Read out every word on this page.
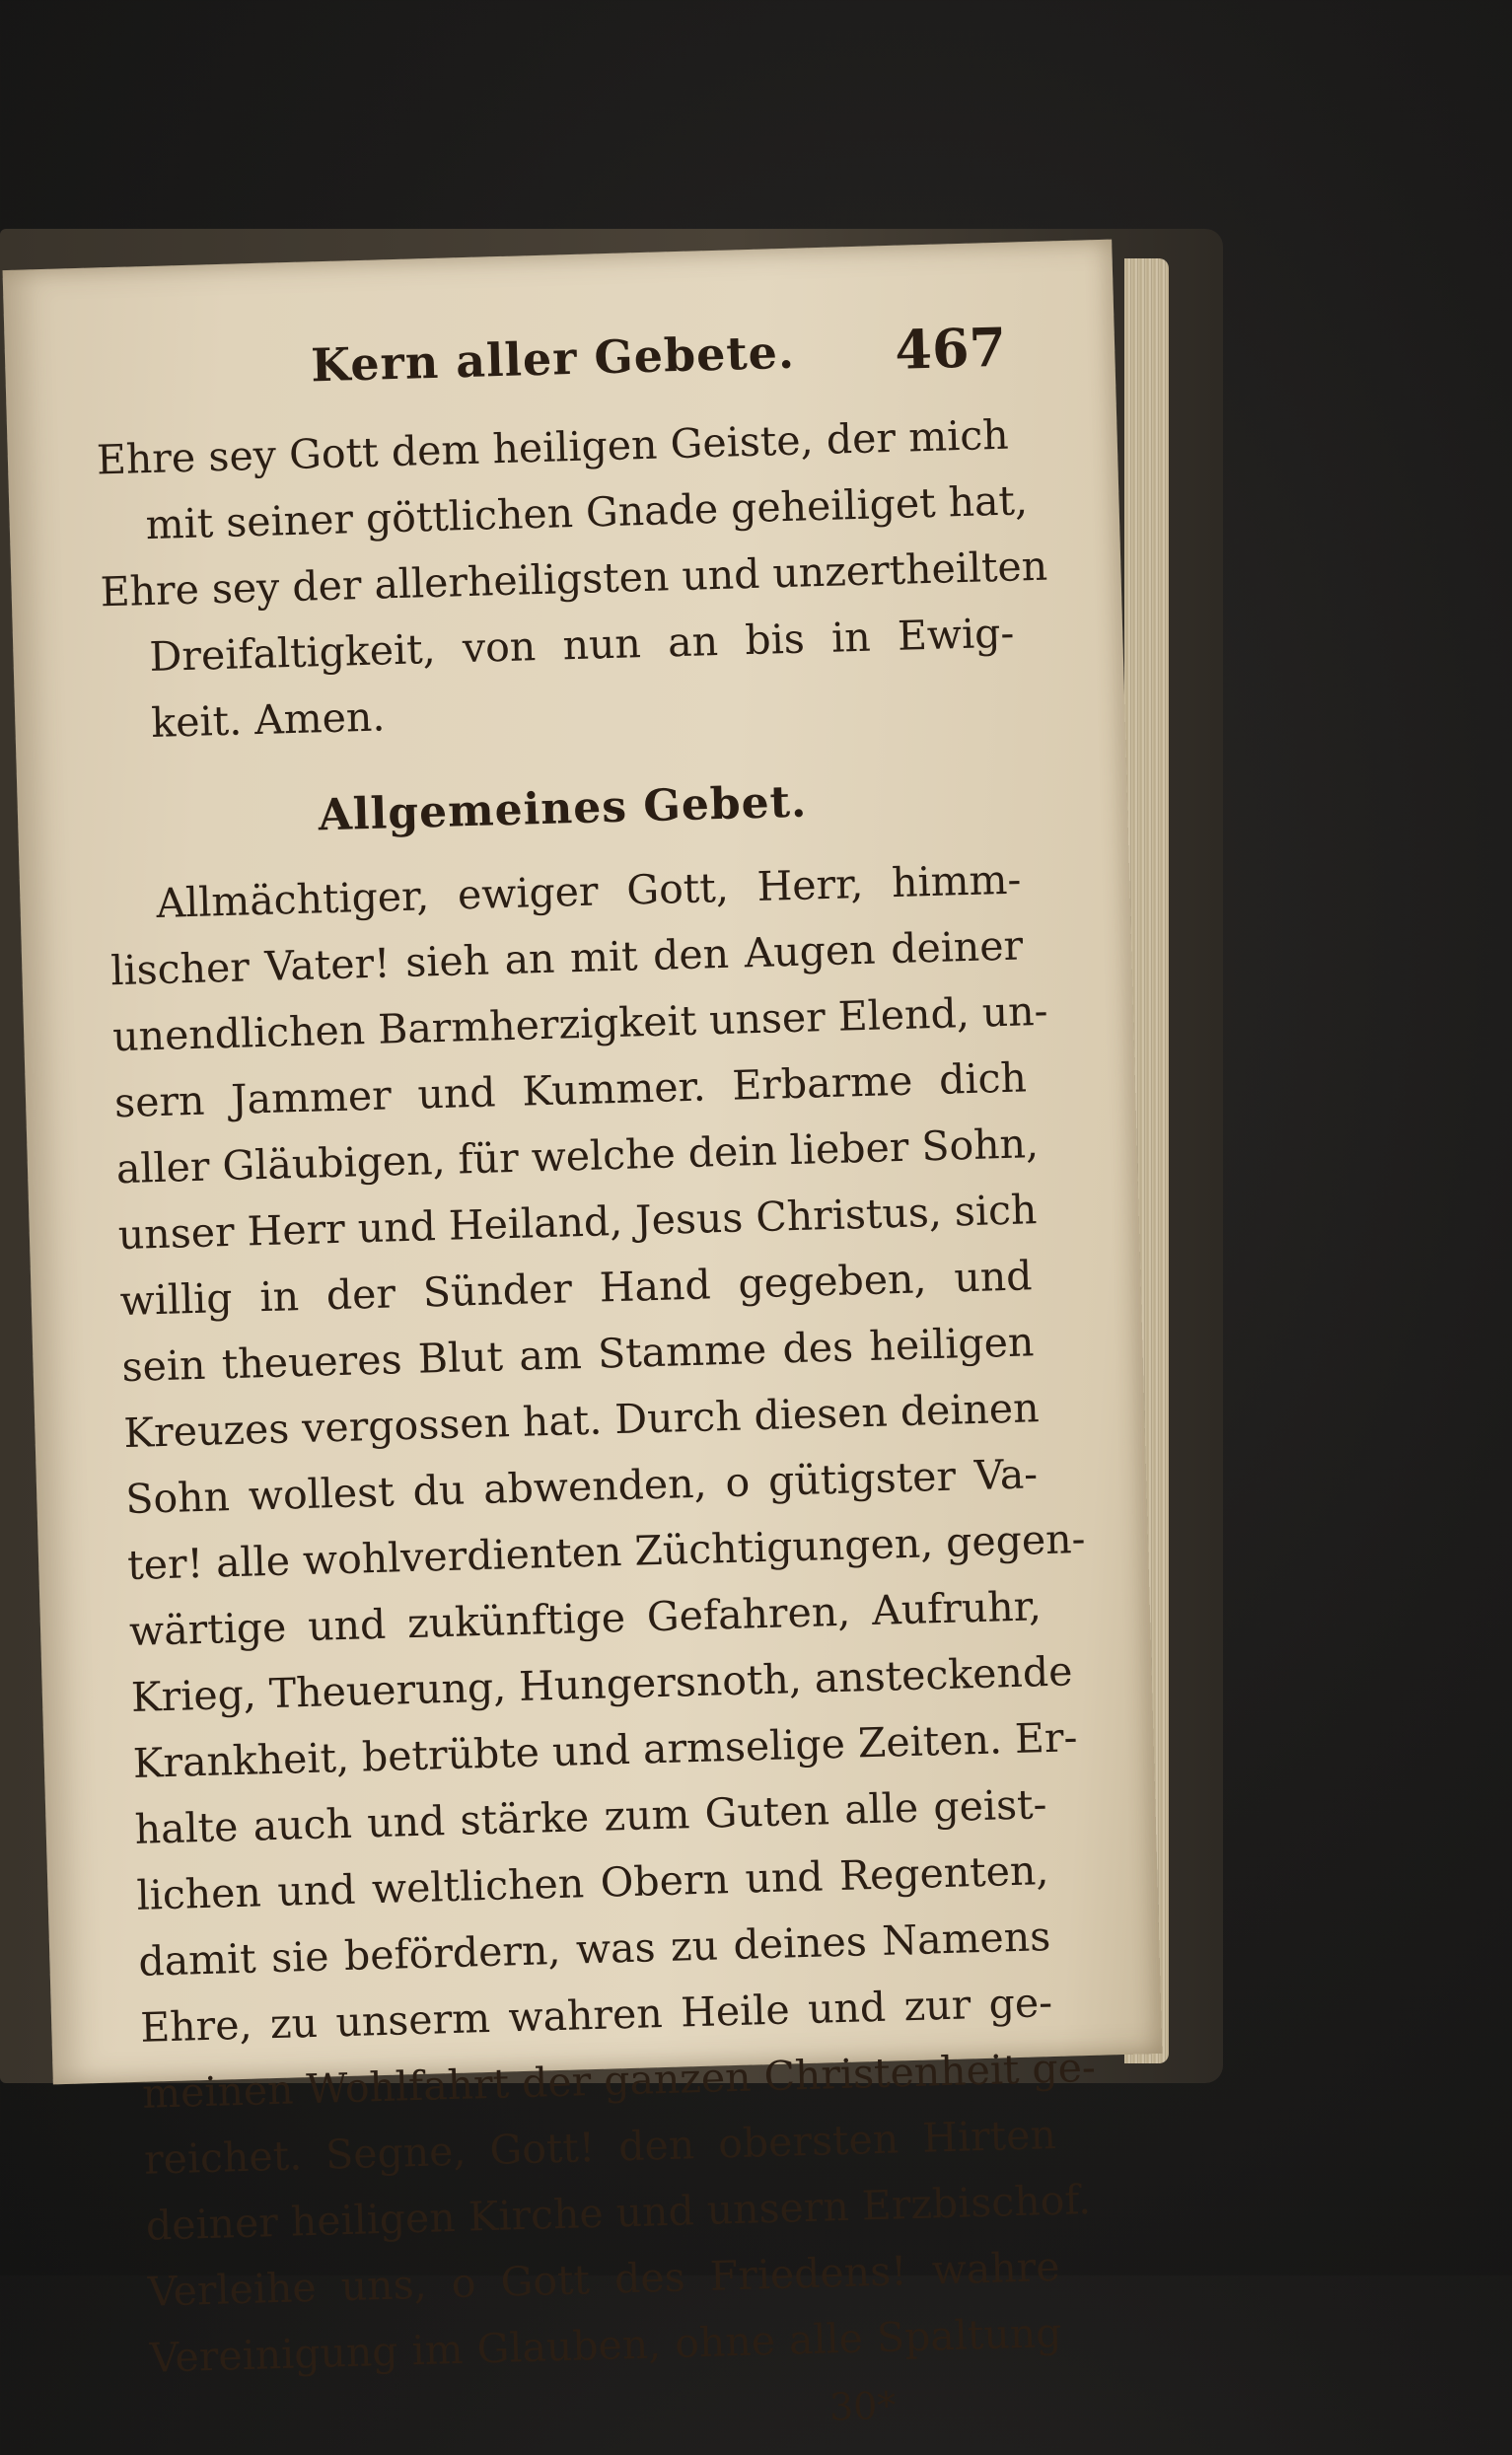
Kern aller Gebete. 467
Ehre sey Gott dem heiligen Geiste, der mich
mit seiner göttlichen Gnade geheiliget hat,
Ehre sey der allerheiligsten und unzertheilten
Dreifaltigkeit, von nun an bis in Ewig-
keit. Amen.
Allgemeines Gebet.
Allmächtiger, ewiger Gott, Herr, himm-
lischer Vater! sieh an mit den Augen deiner
unendlichen Barmherzigkeit unser Elend, un-
sern Jammer und Kummer. Erbarme dich
aller Gläubigen, für welche dein lieber Sohn,
unser Herr und Heiland, Jesus Christus, sich
willig in der Sünder Hand gegeben, und
sein theueres Blut am Stamme des heiligen
Kreuzes vergossen hat. Durch diesen deinen
Sohn wollest du abwenden, o gütigster Va-
ter! alle wohlverdienten Züchtigungen, gegen-
wärtige und zukünftige Gefahren, Aufruhr,
Krieg, Theuerung, Hungersnoth, ansteckende
Krankheit, betrübte und armselige Zeiten. Er-
halte auch und stärke zum Guten alle geist-
lichen und weltlichen Obern und Regenten,
damit sie befördern, was zu deines Namens
Ehre, zu unserm wahren Heile und zur ge-
meinen Wohlfahrt der ganzen Christenheit ge-
reichet. Segne, Gott! den obersten Hirten
deiner heiligen Kirche und unsern Erzbischof.
Verleihe uns, o Gott des Friedens! wahre
Vereinigung im Glauben, ohne alle Spaltung
30*
